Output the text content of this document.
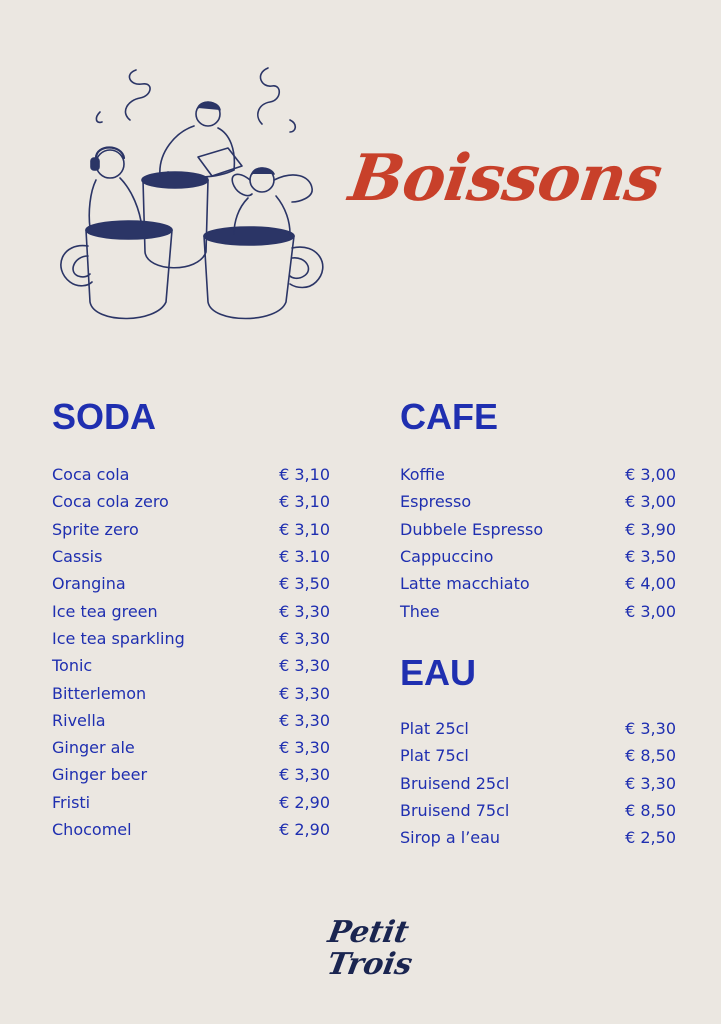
Boissons
SODA
Coca cola	€ 3,10
Coca cola zero	€ 3,10
Sprite zero	€ 3,10
Cassis	€ 3.10
Orangina	€ 3,50
Ice tea green	€ 3,30
Ice tea sparkling	€ 3,30
Tonic	€ 3,30
Bitterlemon	€ 3,30
Rivella	€ 3,30
Ginger ale	€ 3,30
Ginger beer	€ 3,30
Fristi	€ 2,90
Chocomel	€ 2,90
CAFE
Koffie	€ 3,00
Espresso	€ 3,00
Dubbele Espresso	€ 3,90
Cappuccino	€ 3,50
Latte macchiato	€ 4,00
Thee	€ 3,00
EAU
Plat 25cl	€ 3,30
Plat 75cl	€ 8,50
Bruisend 25cl	€ 3,30
Bruisend 75cl	€ 8,50
Sirop a l’eau	€ 2,50
Petit
Trois
